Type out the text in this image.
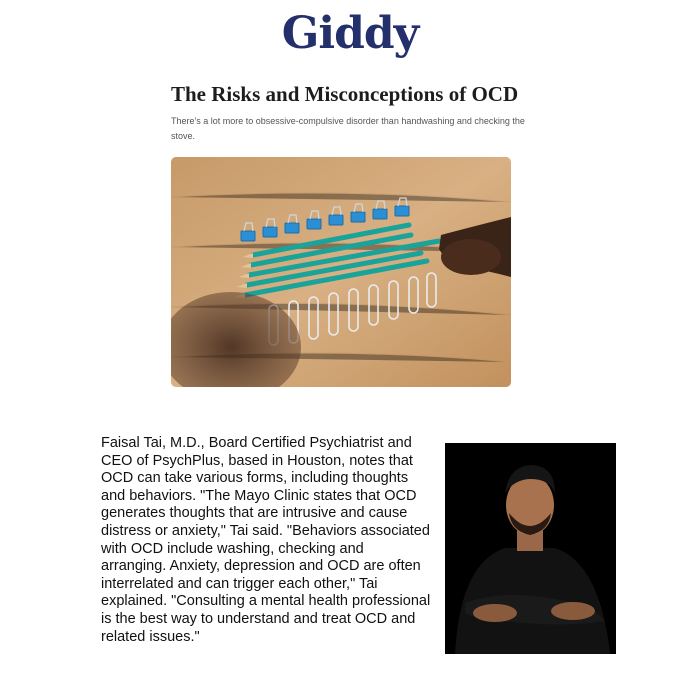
Giddy
The Risks and Misconceptions of OCD
There's a lot more to obsessive-compulsive disorder than handwashing and checking the stove.
Faisal Tai, M.D., Board Certified Psychiatrist and CEO of PsychPlus, based in Houston, notes that OCD can take various forms, including thoughts and behaviors. "The Mayo Clinic states that OCD generates thoughts that are intrusive and cause distress or anxiety," Tai said. "Behaviors associated with OCD include washing, checking and arranging. Anxiety, depression and OCD are often interrelated and can trigger each other," Tai explained. "Consulting a mental health professional is the best way to understand and treat OCD and related issues."
